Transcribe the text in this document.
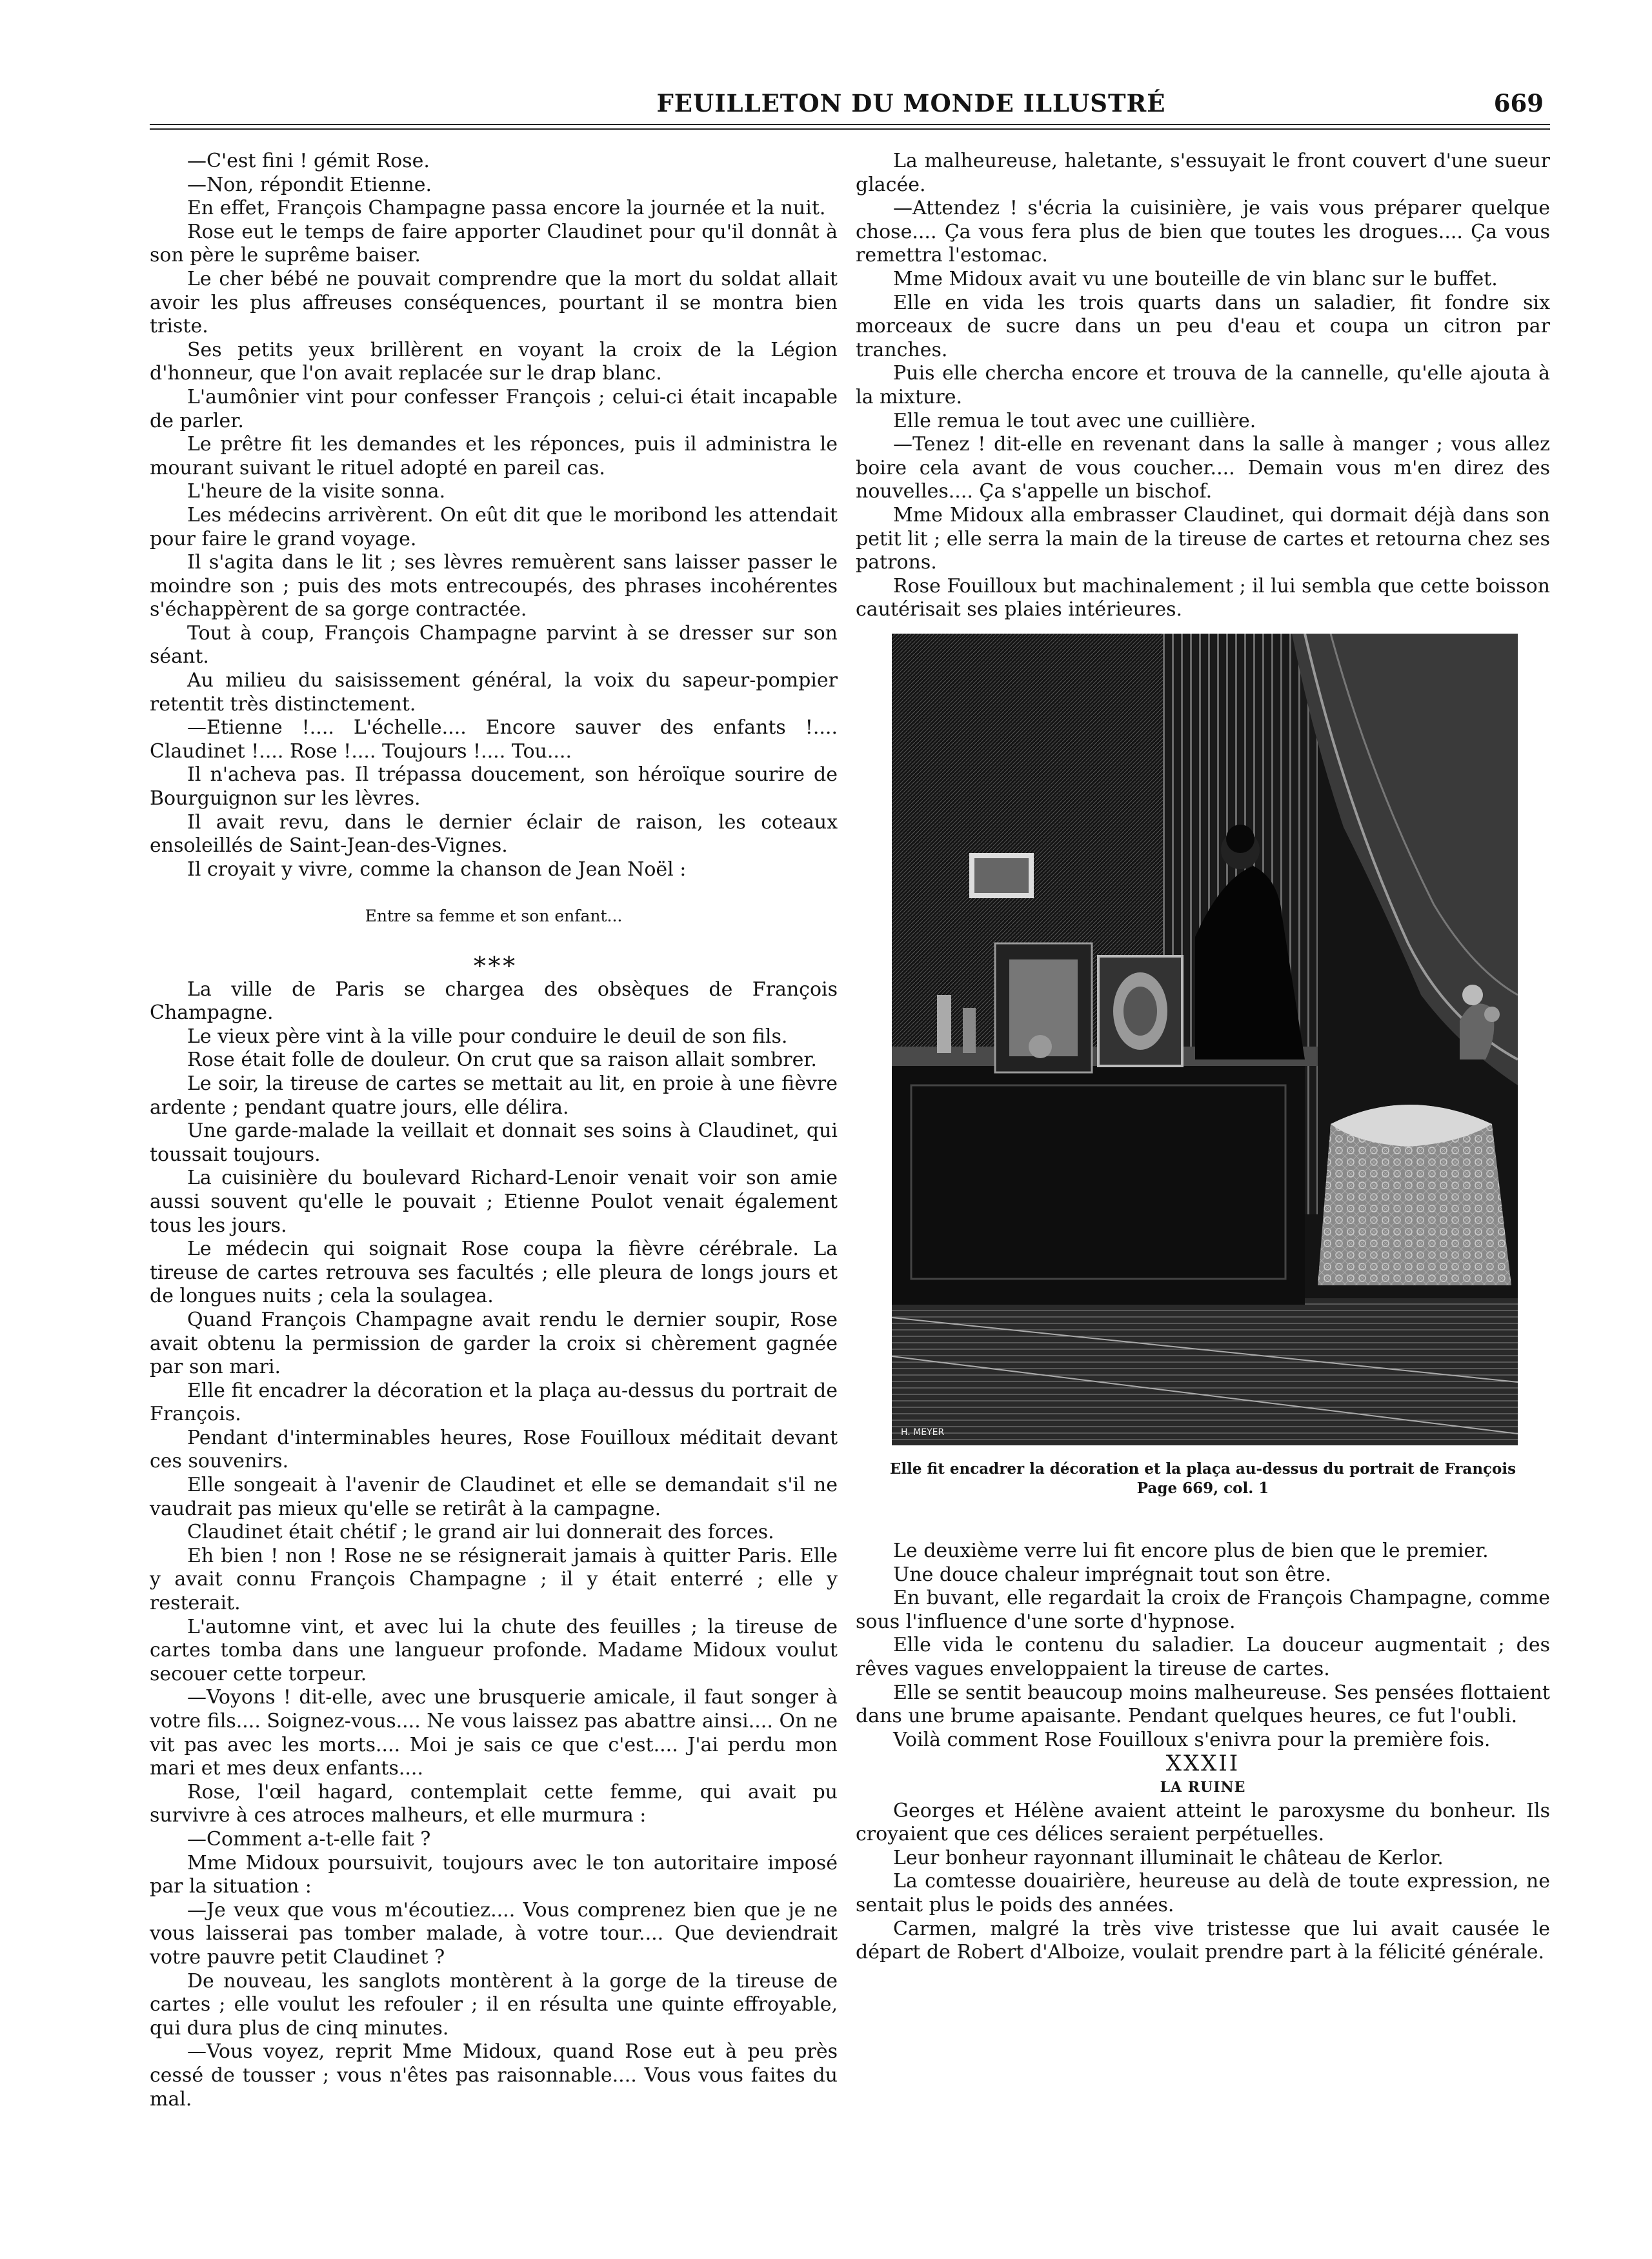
FEUILLETON DU MONDE ILLUSTRÉ	669

—C'est fini ! gémit Rose.

—Non, répondit Etienne.

En effet, François Champagne passa encore la journée et la nuit.

Rose eut le temps de faire apporter Claudinet pour qu'il donnât à son père le suprême baiser.

Le cher bébé ne pouvait comprendre que la mort du soldat allait avoir les plus affreuses conséquences, pourtant il se montra bien triste.

Ses petits yeux brillèrent en voyant la croix de la Légion d'honneur, que l'on avait replacée sur le drap blanc.

L'aumônier vint pour confesser François ; celui-ci était incapable de parler.

Le prêtre fit les demandes et les réponces, puis il administra le mourant suivant le rituel adopté en pareil cas.

L'heure de la visite sonna.

Les médecins arrivèrent. On eût dit que le moribond les attendait pour faire le grand voyage.

Il s'agita dans le lit ; ses lèvres remuèrent sans laisser passer le moindre son ; puis des mots entrecoupés, des phrases incohérentes s'échappèrent de sa gorge contractée.

Tout à coup, François Champagne parvint à se dresser sur son séant.

Au milieu du saisissement général, la voix du sapeur-pompier retentit très distinctement.

—Etienne !.... L'échelle.... Encore sauver des enfants !.... Claudinet !.... Rose !.... Toujours !.... Tou....

Il n'acheva pas. Il trépassa doucement, son héroïque sourire de Bourguignon sur les lèvres.

Il avait revu, dans le dernier éclair de raison, les coteaux ensoleillés de Saint-Jean-des-Vignes.

Il croyait y vivre, comme la chanson de Jean Noël :

Entre sa femme et son enfant...

* * *

La ville de Paris se chargea des obsèques de François Champagne.

Le vieux père vint à la ville pour conduire le deuil de son fils.

Rose était folle de douleur. On crut que sa raison allait sombrer.

Le soir, la tireuse de cartes se mettait au lit, en proie à une fièvre ardente ; pendant quatre jours, elle délira.

Une garde-malade la veillait et donnait ses soins à Claudinet, qui toussait toujours.

La cuisinière du boulevard Richard-Lenoir venait voir son amie aussi souvent qu'elle le pouvait ; Etienne Poulot venait également tous les jours.

Le médecin qui soignait Rose coupa la fièvre cérébrale. La tireuse de cartes retrouva ses facultés ; elle pleura de longs jours et de longues nuits ; cela la soulagea.

Quand François Champagne avait rendu le dernier soupir, Rose avait obtenu la permission de garder la croix si chèrement gagnée par son mari.

Elle fit encadrer la décoration et la plaça au-dessus du portrait de François.

Pendant d'interminables heures, Rose Fouilloux méditait devant ces souvenirs.

Elle songeait à l'avenir de Claudinet et elle se demandait s'il ne vaudrait pas mieux qu'elle se retirât à la campagne.

Claudinet était chétif ; le grand air lui donnerait des forces.

Eh bien ! non ! Rose ne se résignerait jamais à quitter Paris. Elle y avait connu François Champagne ; il y était enterré ; elle y resterait.

L'automne vint, et avec lui la chute des feuilles ; la tireuse de cartes tomba dans une langueur profonde. Madame Midoux voulut secouer cette torpeur.

—Voyons ! dit-elle, avec une brusquerie amicale, il faut songer à votre fils.... Soignez-vous.... Ne vous laissez pas abattre ainsi.... On ne vit pas avec les morts.... Moi je sais ce que c'est.... J'ai perdu mon mari et mes deux enfants....

Rose, l'œil hagard, contemplait cette femme, qui avait pu survivre à ces atroces malheurs, et elle murmura :

—Comment a-t-elle fait ?

Mme Midoux poursuivit, toujours avec le ton autoritaire imposé par la situation :

—Je veux que vous m'écoutiez.... Vous comprenez bien que je ne vous laisserai pas tomber malade, à votre tour.... Que deviendrait votre pauvre petit Claudinet ?

De nouveau, les sanglots montèrent à la gorge de la tireuse de cartes ; elle voulut les refouler ; il en résulta une quinte effroyable, qui dura plus de cinq minutes.

—Vous voyez, reprit Mme Midoux, quand Rose eut à peu près cessé de tousser ; vous n'êtes pas raisonnable.... Vous vous faites du mal.

La malheureuse, haletante, s'essuyait le front couvert d'une sueur glacée.

—Attendez ! s'écria la cuisinière, je vais vous préparer quelque chose.... Ça vous fera plus de bien que toutes les drogues.... Ça vous remettra l'estomac.

Mme Midoux avait vu une bouteille de vin blanc sur le buffet.

Elle en vida les trois quarts dans un saladier, fit fondre six morceaux de sucre dans un peu d'eau et coupa un citron par tranches.

Puis elle chercha encore et trouva de la cannelle, qu'elle ajouta à la mixture.

Elle remua le tout avec une cuillière.

—Tenez ! dit-elle en revenant dans la salle à manger ; vous allez boire cela avant de vous coucher.... Demain vous m'en direz des nouvelles.... Ça s'appelle un bischof.

Mme Midoux alla embrasser Claudinet, qui dormait déjà dans son petit lit ; elle serra la main de la tireuse de cartes et retourna chez ses patrons.

Rose Fouilloux but machinalement ; il lui sembla que cette boisson cautérisait ses plaies intérieures.

H. MEYER
Elle fit encadrer la décoration et la plaça au-dessus du portrait de François
Page 669, col. 1

Le deuxième verre lui fit encore plus de bien que le premier.

Une douce chaleur imprégnait tout son être.

En buvant, elle regardait la croix de François Champagne, comme sous l'influence d'une sorte d'hypnose.

Elle vida le contenu du saladier. La douceur augmentait ; des rêves vagues enveloppaient la tireuse de cartes.

Elle se sentit beaucoup moins malheureuse. Ses pensées flottaient dans une brume apaisante. Pendant quelques heures, ce fut l'oubli.

Voilà comment Rose Fouilloux s'enivra pour la première fois.

XXXII

LA RUINE

Georges et Hélène avaient atteint le paroxysme du bonheur. Ils croyaient que ces délices seraient perpétuelles.

Leur bonheur rayonnant illuminait le château de Kerlor.

La comtesse douairière, heureuse au delà de toute expression, ne sentait plus le poids des années.

Carmen, malgré la très vive tristesse que lui avait causée le départ de Robert d'Alboize, voulait prendre part à la félicité générale.
